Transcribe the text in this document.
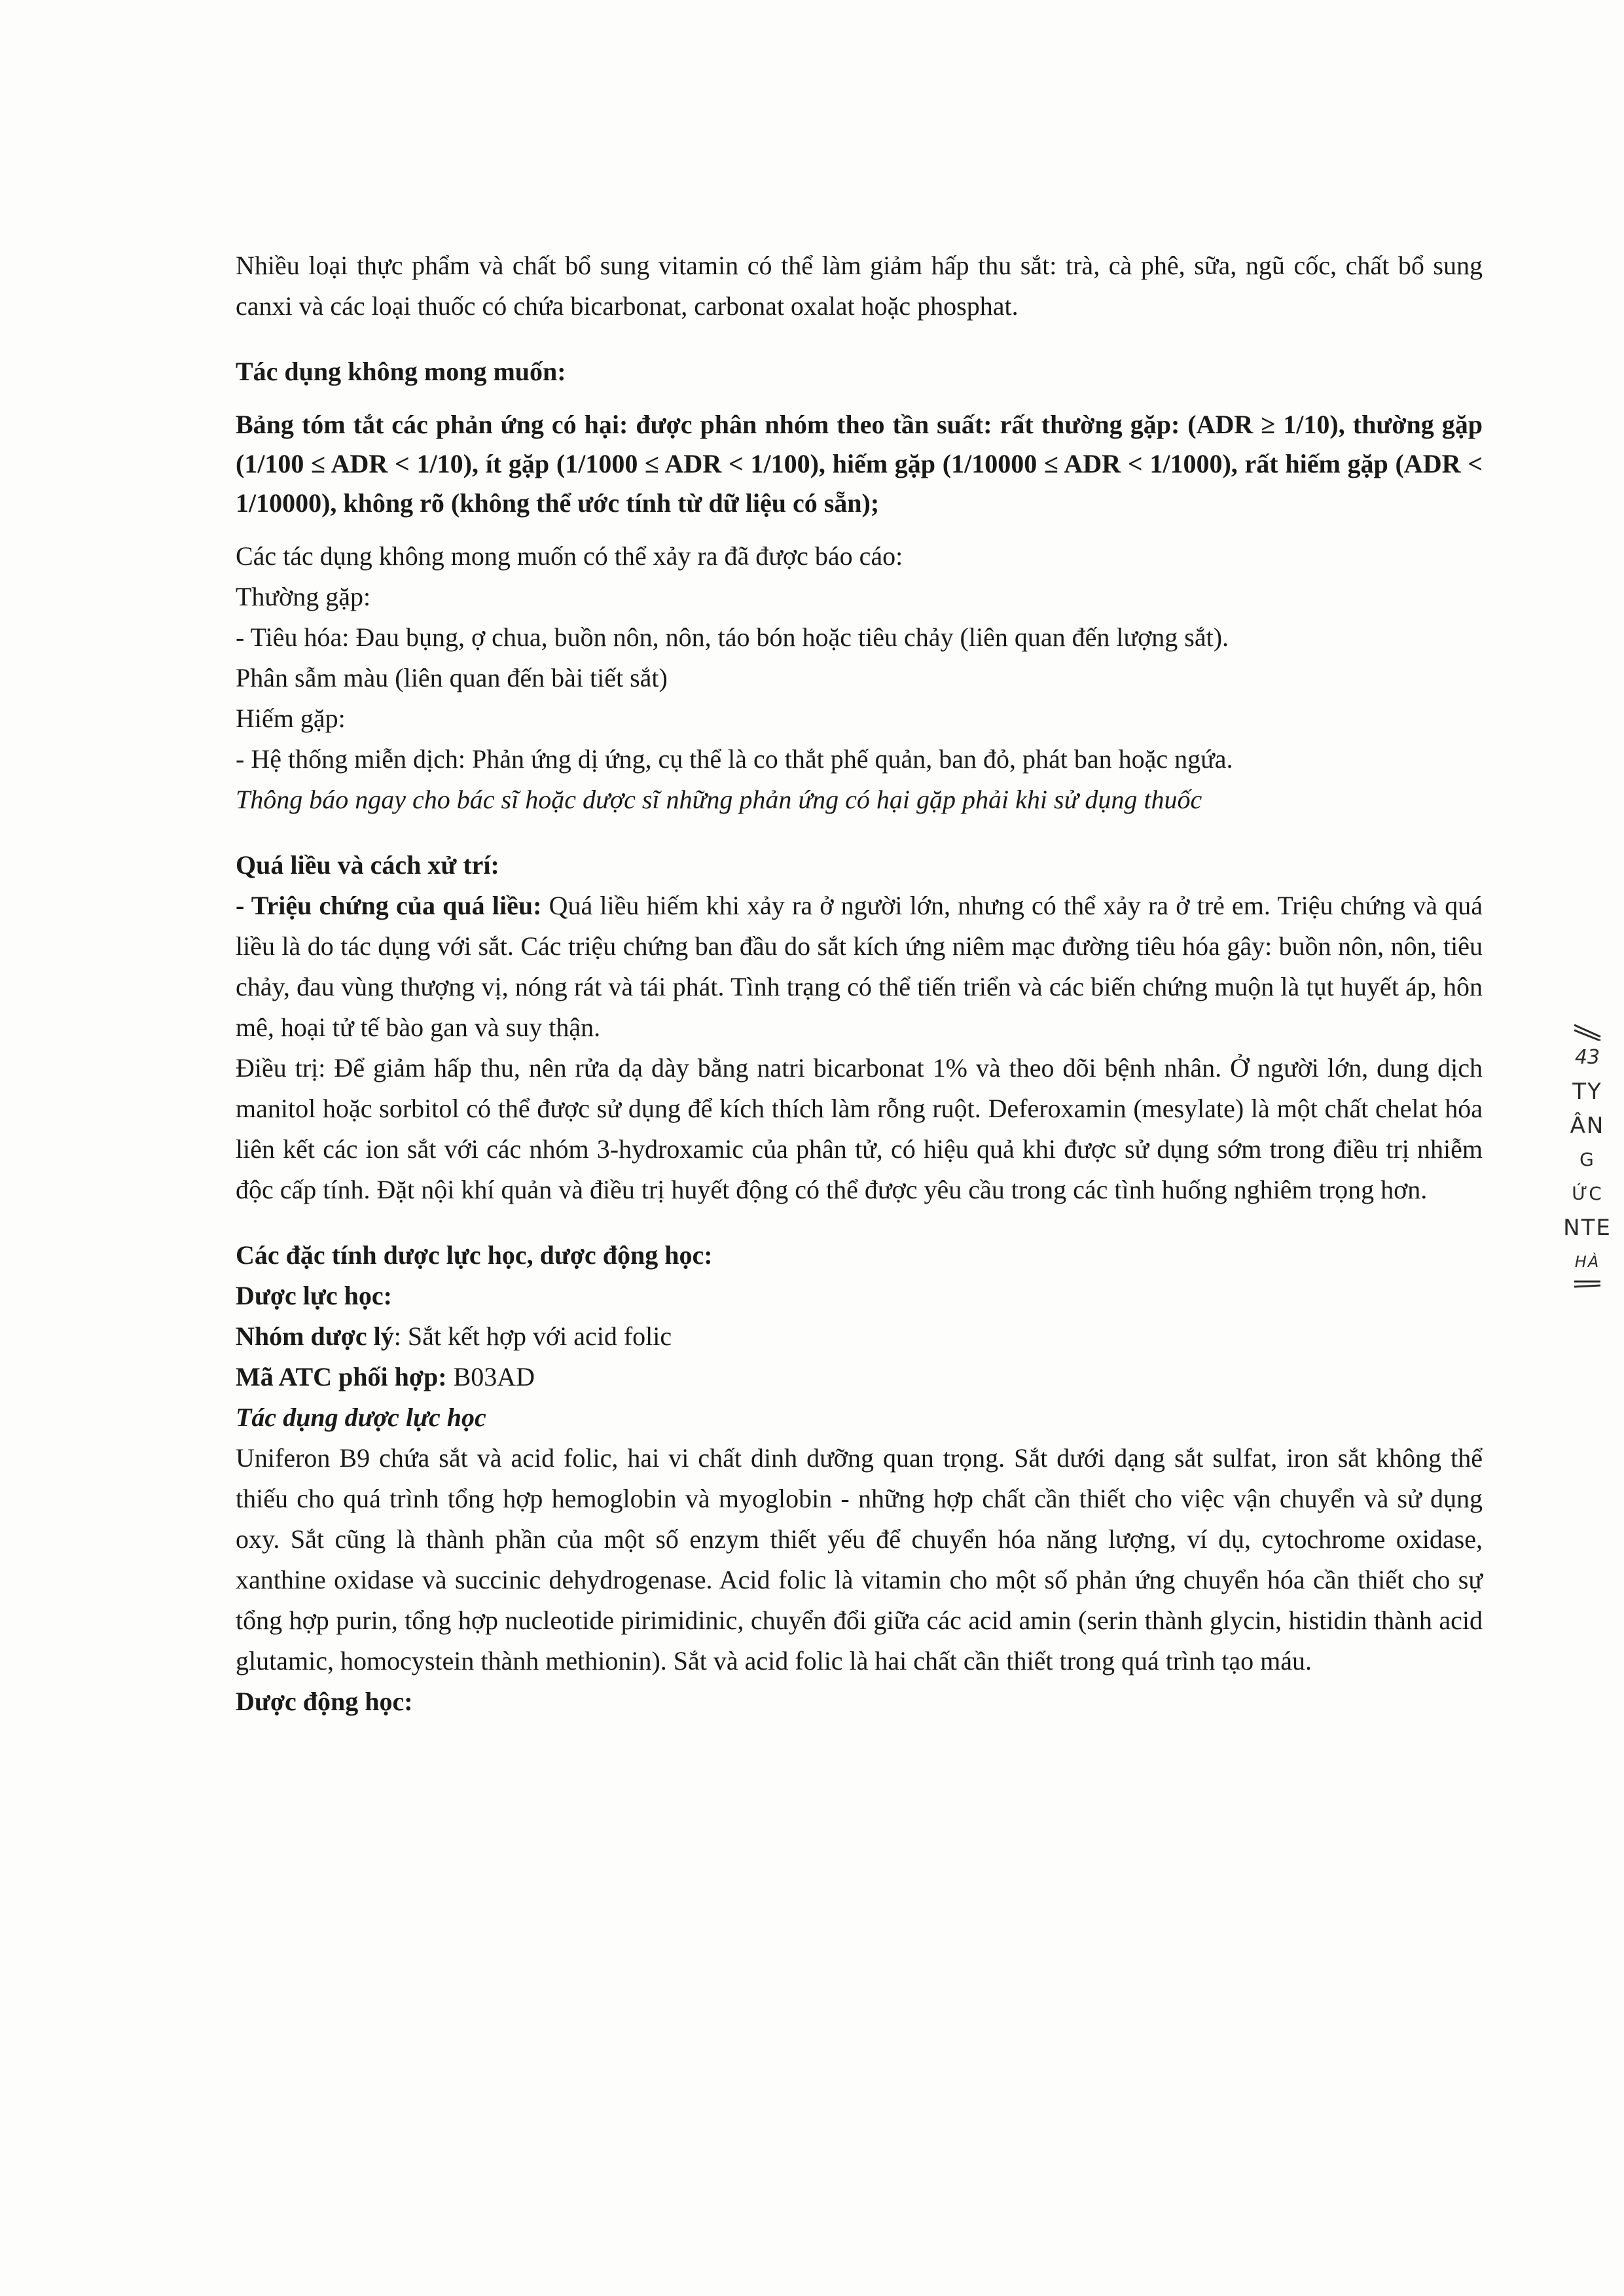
Nhiều loại thực phẩm và chất bổ sung vitamin có thể làm giảm hấp thu sắt: trà, cà phê, sữa, ngũ cốc, chất bổ sung canxi và các loại thuốc có chứa bicarbonat, carbonat oxalat hoặc phosphat.

Tác dụng không mong muốn:

Bảng tóm tắt các phản ứng có hại: được phân nhóm theo tần suất: rất thường gặp: (ADR ≥ 1/10), thường gặp (1/100 ≤ ADR < 1/10), ít gặp (1/1000 ≤ ADR < 1/100), hiếm gặp (1/10000 ≤ ADR < 1/1000), rất hiếm gặp (ADR < 1/10000), không rõ (không thể ước tính từ dữ liệu có sẵn);

Các tác dụng không mong muốn có thể xảy ra đã được báo cáo:

Thường gặp:

- Tiêu hóa: Đau bụng, ợ chua, buồn nôn, nôn, táo bón hoặc tiêu chảy (liên quan đến lượng sắt).

Phân sẫm màu (liên quan đến bài tiết sắt)

Hiếm gặp:

- Hệ thống miễn dịch: Phản ứng dị ứng, cụ thể là co thắt phế quản, ban đỏ, phát ban hoặc ngứa.

Thông báo ngay cho bác sĩ hoặc dược sĩ những phản ứng có hại gặp phải khi sử dụng thuốc

Quá liều và cách xử trí:

- Triệu chứng của quá liều: Quá liều hiếm khi xảy ra ở người lớn, nhưng có thể xảy ra ở trẻ em. Triệu chứng và quá liều là do tác dụng với sắt. Các triệu chứng ban đầu do sắt kích ứng niêm mạc đường tiêu hóa gây: buồn nôn, nôn, tiêu chảy, đau vùng thượng vị, nóng rát và tái phát. Tình trạng có thể tiến triển và các biến chứng muộn là tụt huyết áp, hôn mê, hoại tử tế bào gan và suy thận.

Điều trị: Để giảm hấp thu, nên rửa dạ dày bằng natri bicarbonat 1% và theo dõi bệnh nhân. Ở người lớn, dung dịch manitol hoặc sorbitol có thể được sử dụng để kích thích làm rỗng ruột. Deferoxamin (mesylate) là một chất chelat hóa liên kết các ion sắt với các nhóm 3-hydroxamic của phân tử, có hiệu quả khi được sử dụng sớm trong điều trị nhiễm độc cấp tính. Đặt nội khí quản và điều trị huyết động có thể được yêu cầu trong các tình huống nghiêm trọng hơn.

Các đặc tính dược lực học, dược động học:

Dược lực học:

Nhóm dược lý: Sắt kết hợp với acid folic

Mã ATC phối hợp: B03AD

Tác dụng dược lực học

Uniferon B9 chứa sắt và acid folic, hai vi chất dinh dưỡng quan trọng. Sắt dưới dạng sắt sulfat, iron sắt không thể thiếu cho quá trình tổng hợp hemoglobin và myoglobin - những hợp chất cần thiết cho việc vận chuyển và sử dụng oxy. Sắt cũng là thành phần của một số enzym thiết yếu để chuyển hóa năng lượng, ví dụ, cytochrome oxidase, xanthine oxidase và succinic dehydrogenase. Acid folic là vitamin cho một số phản ứng chuyển hóa cần thiết cho sự tổng hợp purin, tổng hợp nucleotide pirimidinic, chuyển đổi giữa các acid amin (serin thành glycin, histidin thành acid glutamic, homocystein thành methionin). Sắt và acid folic là hai chất cần thiết trong quá trình tạo máu.

Dược động học:

43
TY
ÂN
G ỨC
NTE
HÀ
